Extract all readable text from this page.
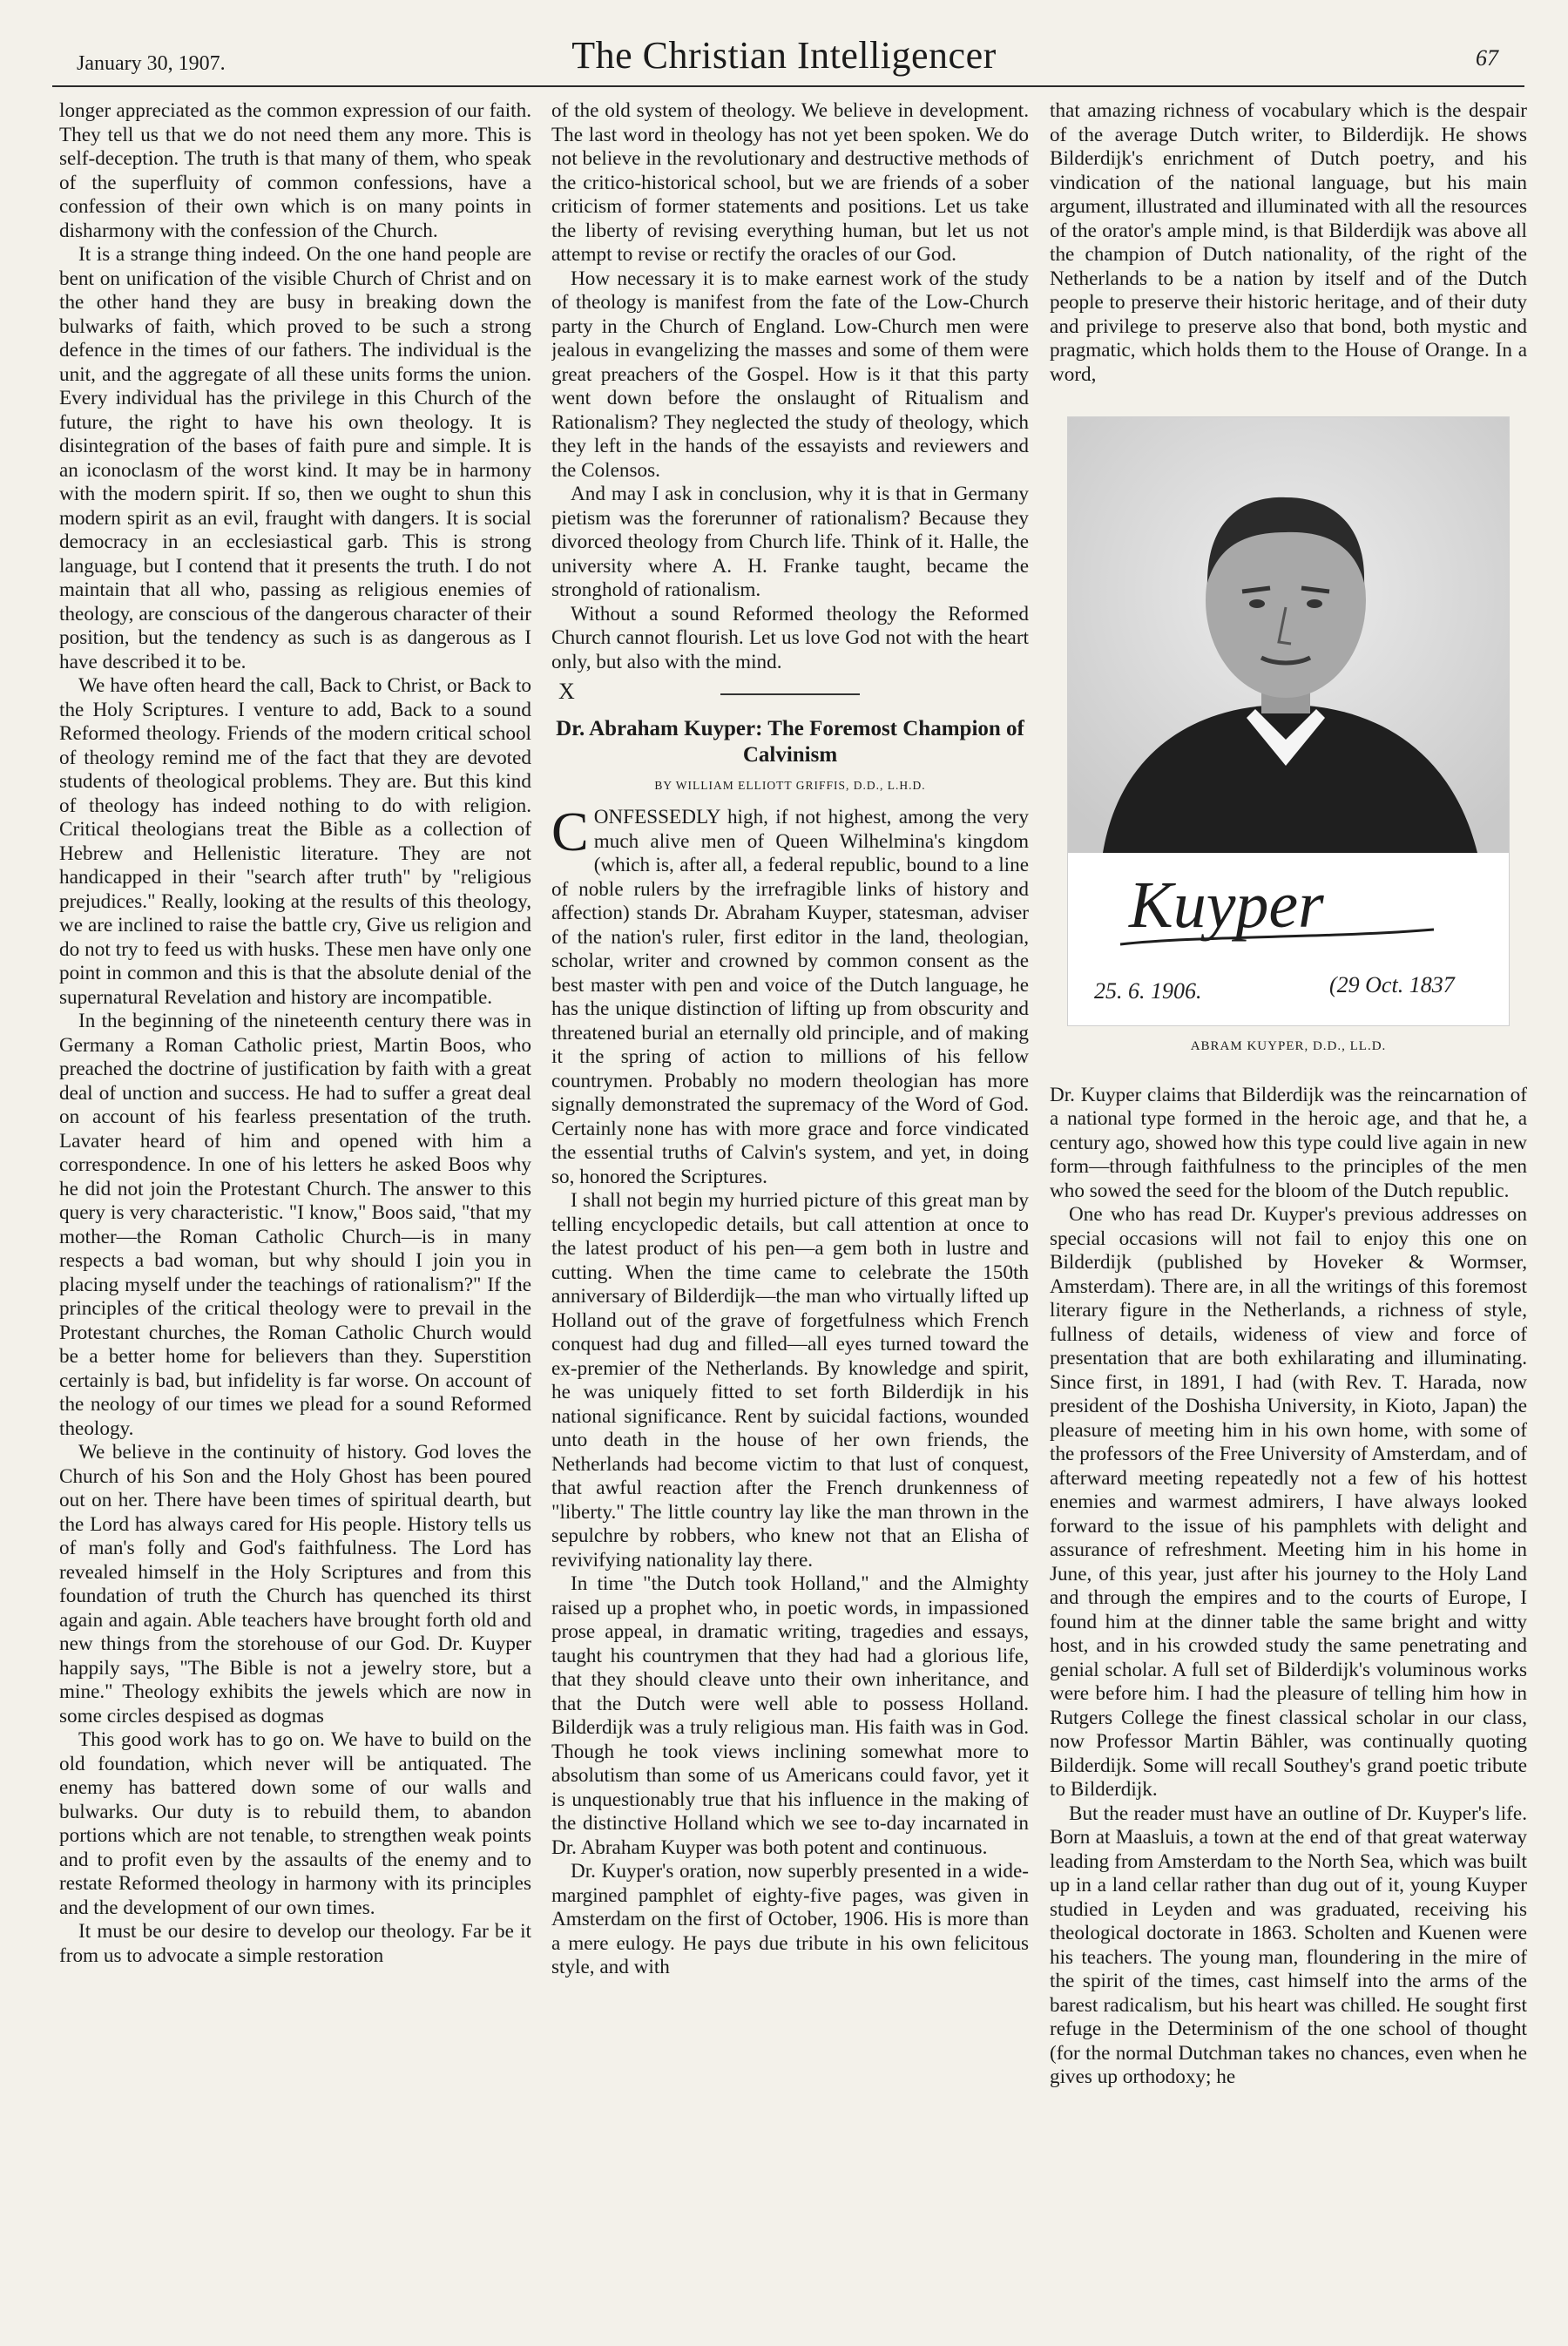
January 30, 1907.	The Christian Intelligencer	67

longer appreciated as the common expression of our faith. They tell us that we do not need them any more. This is self-deception. The truth is that many of them, who speak of the superfluity of common confessions, have a confession of their own which is on many points in disharmony with the confession of the Church.

It is a strange thing indeed. On the one hand people are bent on unification of the visible Church of Christ and on the other hand they are busy in breaking down the bulwarks of faith, which proved to be such a strong defence in the times of our fathers. The individual is the unit, and the aggregate of all these units forms the union. Every individual has the privilege in this Church of the future, the right to have his own theology. It is disintegration of the bases of faith pure and simple. It is an iconoclasm of the worst kind. It may be in harmony with the modern spirit. If so, then we ought to shun this modern spirit as an evil, fraught with dangers. It is social democracy in an ecclesiastical garb. This is strong language, but I contend that it presents the truth. I do not maintain that all who, passing as religious enemies of theology, are conscious of the dangerous character of their position, but the tendency as such is as dangerous as I have described it to be.

We have often heard the call, Back to Christ, or Back to the Holy Scriptures. I venture to add, Back to a sound Reformed theology. Friends of the modern critical school of theology remind me of the fact that they are devoted students of theological problems. They are. But this kind of theology has indeed nothing to do with religion. Critical theologians treat the Bible as a collection of Hebrew and Hellenistic literature. They are not handicapped in their "search after truth" by "religious prejudices." Really, looking at the results of this theology, we are inclined to raise the battle cry, Give us religion and do not try to feed us with husks. These men have only one point in common and this is that the absolute denial of the supernatural Revelation and history are incompatible.

In the beginning of the nineteenth century there was in Germany a Roman Catholic priest, Martin Boos, who preached the doctrine of justification by faith with a great deal of unction and success. He had to suffer a great deal on account of his fearless presentation of the truth. Lavater heard of him and opened with him a correspondence. In one of his letters he asked Boos why he did not join the Protestant Church. The answer to this query is very characteristic. "I know," Boos said, "that my mother—the Roman Catholic Church—is in many respects a bad woman, but why should I join you in placing myself under the teachings of rationalism?" If the principles of the critical theology were to prevail in the Protestant churches, the Roman Catholic Church would be a better home for believers than they. Superstition certainly is bad, but infidelity is far worse. On account of the neology of our times we plead for a sound Reformed theology.

We believe in the continuity of history. God loves the Church of his Son and the Holy Ghost has been poured out on her. There have been times of spiritual dearth, but the Lord has always cared for His people. History tells us of man's folly and God's faithfulness. The Lord has revealed himself in the Holy Scriptures and from this foundation of truth the Church has quenched its thirst again and again. Able teachers have brought forth old and new things from the storehouse of our God. Dr. Kuyper happily says, "The Bible is not a jewelry store, but a mine." Theology exhibits the jewels which are now in some circles despised as dogmas

This good work has to go on. We have to build on the old foundation, which never will be antiquated. The enemy has battered down some of our walls and bulwarks. Our duty is to rebuild them, to abandon portions which are not tenable, to strengthen weak points and to profit even by the assaults of the enemy and to restate Reformed theology in harmony with its principles and the development of our own times.

It must be our desire to develop our theology. Far be it from us to advocate a simple restoration

of the old system of theology. We believe in development. The last word in theology has not yet been spoken. We do not believe in the revolutionary and destructive methods of the critico-historical school, but we are friends of a sober criticism of former statements and positions. Let us take the liberty of revising everything human, but let us not attempt to revise or rectify the oracles of our God.

How necessary it is to make earnest work of the study of theology is manifest from the fate of the Low-Church party in the Church of England. Low-Church men were jealous in evangelizing the masses and some of them were great preachers of the Gospel. How is it that this party went down before the onslaught of Ritualism and Rationalism? They neglected the study of theology, which they left in the hands of the essayists and reviewers and the Colensos.

And may I ask in conclusion, why it is that in Germany pietism was the forerunner of rationalism? Because they divorced theology from Church life. Think of it. Halle, the university where A. H. Franke taught, became the stronghold of rationalism.

Without a sound Reformed theology the Reformed Church cannot flourish. Let us love God not with the heart only, but also with the mind.

X
Dr. Abraham Kuyper: The Foremost Champion of Calvinism
BY WILLIAM ELLIOTT GRIFFIS, D.D., L.H.D.

CONFESSEDLY high, if not highest, among the very much alive men of Queen Wilhelmina's kingdom (which is, after all, a federal republic, bound to a line of noble rulers by the irrefragible links of history and affection) stands Dr. Abraham Kuyper, statesman, adviser of the nation's ruler, first editor in the land, theologian, scholar, writer and crowned by common consent as the best master with pen and voice of the Dutch language, he has the unique distinction of lifting up from obscurity and threatened burial an eternally old principle, and of making it the spring of action to millions of his fellow countrymen. Probably no modern theologian has more signally demonstrated the supremacy of the Word of God. Certainly none has with more grace and force vindicated the essential truths of Calvin's system, and yet, in doing so, honored the Scriptures.

I shall not begin my hurried picture of this great man by telling encyclopedic details, but call attention at once to the latest product of his pen—a gem both in lustre and cutting. When the time came to celebrate the 150th anniversary of Bilderdijk—the man who virtually lifted up Holland out of the grave of forgetfulness which French conquest had dug and filled—all eyes turned toward the ex-premier of the Netherlands. By knowledge and spirit, he was uniquely fitted to set forth Bilderdijk in his national significance. Rent by suicidal factions, wounded unto death in the house of her own friends, the Netherlands had become victim to that lust of conquest, that awful reaction after the French drunkenness of "liberty." The little country lay like the man thrown in the sepulchre by robbers, who knew not that an Elisha of revivifying nationality lay there.

In time "the Dutch took Holland," and the Almighty raised up a prophet who, in poetic words, in impassioned prose appeal, in dramatic writing, tragedies and essays, taught his countrymen that they had had a glorious life, that they should cleave unto their own inheritance, and that the Dutch were well able to possess Holland. Bilderdijk was a truly religious man. His faith was in God. Though he took views inclining somewhat more to absolutism than some of us Americans could favor, yet it is unquestionably true that his influence in the making of the distinctive Holland which we see to-day incarnated in Dr. Abraham Kuyper was both potent and continuous.

Dr. Kuyper's oration, now superbly presented in a wide-margined pamphlet of eighty-five pages, was given in Amsterdam on the first of October, 1906. His is more than a mere eulogy. He pays due tribute in his own felicitous style, and with

that amazing richness of vocabulary which is the despair of the average Dutch writer, to Bilderdijk. He shows Bilderdijk's enrichment of Dutch poetry, and his vindication of the national language, but his main argument, illustrated and illuminated with all the resources of the orator's ample mind, is that Bilderdijk was above all the champion of Dutch nationality, of the right of the Netherlands to be a nation by itself and of the Dutch people to preserve their historic heritage, and of their duty and privilege to preserve also that bond, both mystic and pragmatic, which holds them to the House of Orange. In a word,

Kuyper
25. 6. 1906.	(29 Oct. 1837
ABRAM KUYPER, D.D., LL.D.

Dr. Kuyper claims that Bilderdijk was the reincarnation of a national type formed in the heroic age, and that he, a century ago, showed how this type could live again in new form—through faithfulness to the principles of the men who sowed the seed for the bloom of the Dutch republic.

One who has read Dr. Kuyper's previous addresses on special occasions will not fail to enjoy this one on Bilderdijk (published by Hoveker & Wormser, Amsterdam). There are, in all the writings of this foremost literary figure in the Netherlands, a richness of style, fullness of details, wideness of view and force of presentation that are both exhilarating and illuminating. Since first, in 1891, I had (with Rev. T. Harada, now president of the Doshisha University, in Kioto, Japan) the pleasure of meeting him in his own home, with some of the professors of the Free University of Amsterdam, and of afterward meeting repeatedly not a few of his hottest enemies and warmest admirers, I have always looked forward to the issue of his pamphlets with delight and assurance of refreshment. Meeting him in his home in June, of this year, just after his journey to the Holy Land and through the empires and to the courts of Europe, I found him at the dinner table the same bright and witty host, and in his crowded study the same penetrating and genial scholar. A full set of Bilderdijk's voluminous works were before him. I had the pleasure of telling him how in Rutgers College the finest classical scholar in our class, now Professor Martin Bähler, was continually quoting Bilderdijk. Some will recall Southey's grand poetic tribute to Bilderdijk.

But the reader must have an outline of Dr. Kuyper's life. Born at Maasluis, a town at the end of that great waterway leading from Amsterdam to the North Sea, which was built up in a land cellar rather than dug out of it, young Kuyper studied in Leyden and was graduated, receiving his theological doctorate in 1863. Scholten and Kuenen were his teachers. The young man, floundering in the mire of the spirit of the times, cast himself into the arms of the barest radicalism, but his heart was chilled. He sought first refuge in the Determinism of the one school of thought (for the normal Dutchman takes no chances, even when he gives up orthodoxy; he
